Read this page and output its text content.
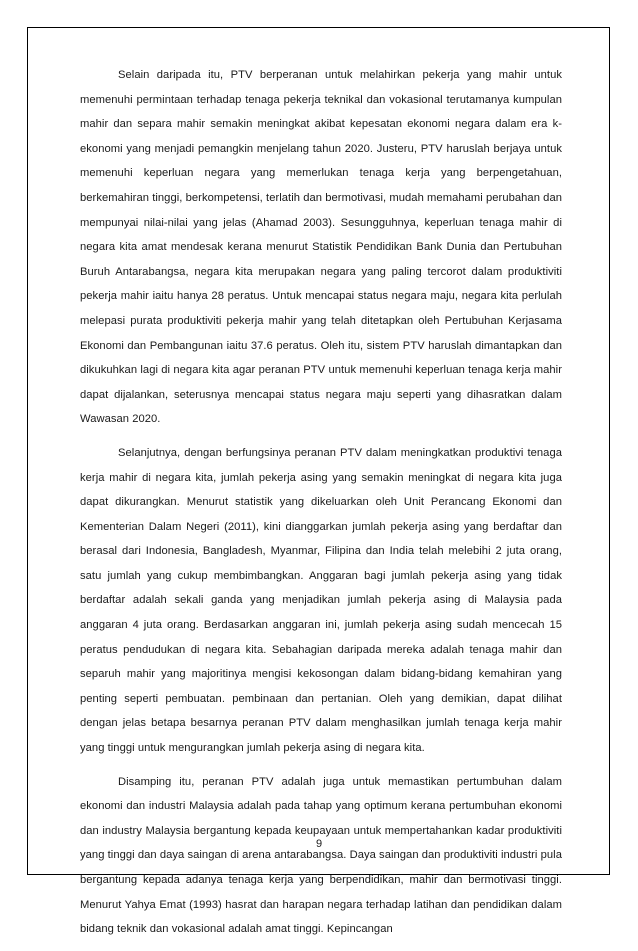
Selain daripada itu, PTV berperanan untuk melahirkan pekerja yang mahir untuk memenuhi permintaan terhadap tenaga pekerja teknikal dan vokasional terutamanya kumpulan mahir dan separa mahir semakin meningkat akibat kepesatan ekonomi negara dalam era k-ekonomi yang menjadi pemangkin menjelang tahun 2020. Justeru, PTV haruslah berjaya untuk memenuhi keperluan negara yang memerlukan tenaga kerja yang berpengetahuan, berkemahiran tinggi, berkompetensi, terlatih dan bermotivasi, mudah memahami perubahan dan mempunyai nilai-nilai yang jelas (Ahamad 2003). Sesungguhnya, keperluan tenaga mahir di negara kita amat mendesak kerana menurut Statistik Pendidikan Bank Dunia dan Pertubuhan Buruh Antarabangsa, negara kita merupakan negara yang paling tercorot dalam produktiviti pekerja mahir iaitu hanya 28 peratus. Untuk mencapai status negara maju, negara kita perlulah melepasi purata produktiviti pekerja mahir yang telah ditetapkan oleh Pertubuhan Kerjasama Ekonomi dan Pembangunan iaitu 37.6 peratus. Oleh itu, sistem PTV haruslah dimantapkan dan dikukuhkan lagi di negara kita agar peranan PTV untuk memenuhi keperluan tenaga kerja mahir dapat dijalankan, seterusnya mencapai status negara maju seperti yang dihasratkan dalam Wawasan 2020.

Selanjutnya, dengan berfungsinya peranan PTV dalam meningkatkan produktivi tenaga kerja mahir di negara kita, jumlah pekerja asing yang semakin meningkat di negara kita juga dapat dikurangkan. Menurut statistik yang dikeluarkan oleh Unit Perancang Ekonomi dan Kementerian Dalam Negeri (2011), kini dianggarkan jumlah pekerja asing yang berdaftar dan berasal dari Indonesia, Bangladesh, Myanmar, Filipina dan India telah melebihi 2 juta orang, satu jumlah yang cukup membimbangkan. Anggaran bagi jumlah pekerja asing yang tidak berdaftar adalah sekali ganda yang menjadikan jumlah pekerja asing di Malaysia pada anggaran 4 juta orang. Berdasarkan anggaran ini, jumlah pekerja asing sudah mencecah 15 peratus pendudukan di negara kita. Sebahagian daripada mereka adalah tenaga mahir dan separuh mahir yang majoritinya mengisi kekosongan dalam bidang-bidang kemahiran yang penting seperti pembuatan. pembinaan dan pertanian. Oleh yang demikian, dapat dilihat dengan jelas betapa besarnya peranan PTV dalam menghasilkan jumlah tenaga kerja mahir yang tinggi untuk mengurangkan jumlah pekerja asing di negara kita.

Disamping itu, peranan PTV adalah juga untuk memastikan pertumbuhan dalam ekonomi dan industri Malaysia adalah pada tahap yang optimum kerana pertumbuhan ekonomi dan industry Malaysia bergantung kepada keupayaan untuk mempertahankan kadar produktiviti yang tinggi dan daya saingan di arena antarabangsa. Daya saingan dan produktiviti industri pula bergantung kepada adanya tenaga kerja yang berpendidikan, mahir dan bermotivasi tinggi. Menurut Yahya Emat (1993) hasrat dan harapan negara terhadap latihan dan pendidikan dalam bidang teknik dan vokasional adalah amat tinggi. Kepincangan

9
